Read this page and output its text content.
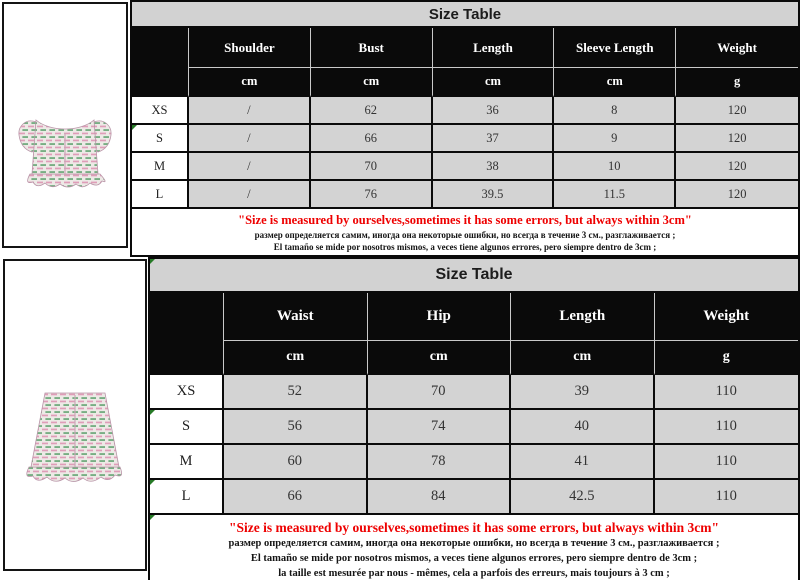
Size Table					
	Shoulder	Bust	Length	Sleeve Length	Weight
	cm	cm	cm	cm	g
XS	/	62	36	8	120
S	/	66	37	9	120
M	/	70	38	10	120
L	/	76	39.5	11.5	120

"Size is measured by ourselves,sometimes it has some errors, but always within 3cm"
размер определяется самим, иногда она некоторые ошибки, но всегда в течение 3 см., разглаживается ;
El tamaño se mide por nosotros mismos, a veces tiene algunos errores, pero siempre dentro de 3cm ;					
Size Table				
	Waist	Hip	Length	Weight
	cm	cm	cm	g
XS	52	70	39	110
S	56	74	40	110
M	60	78	41	110
L	66	84	42.5	110

"Size is measured by ourselves,sometimes it has some errors, but always within 3cm"
размер определяется самим, иногда она некоторые ошибки, но всегда в течение 3 см., разглаживается ;
El tamaño se mide por nosotros mismos, a veces tiene algunos errores, pero siempre dentro de 3cm ;
la taille est mesurée par nous - mêmes, cela a parfois des erreurs, mais toujours à 3 cm ;				
